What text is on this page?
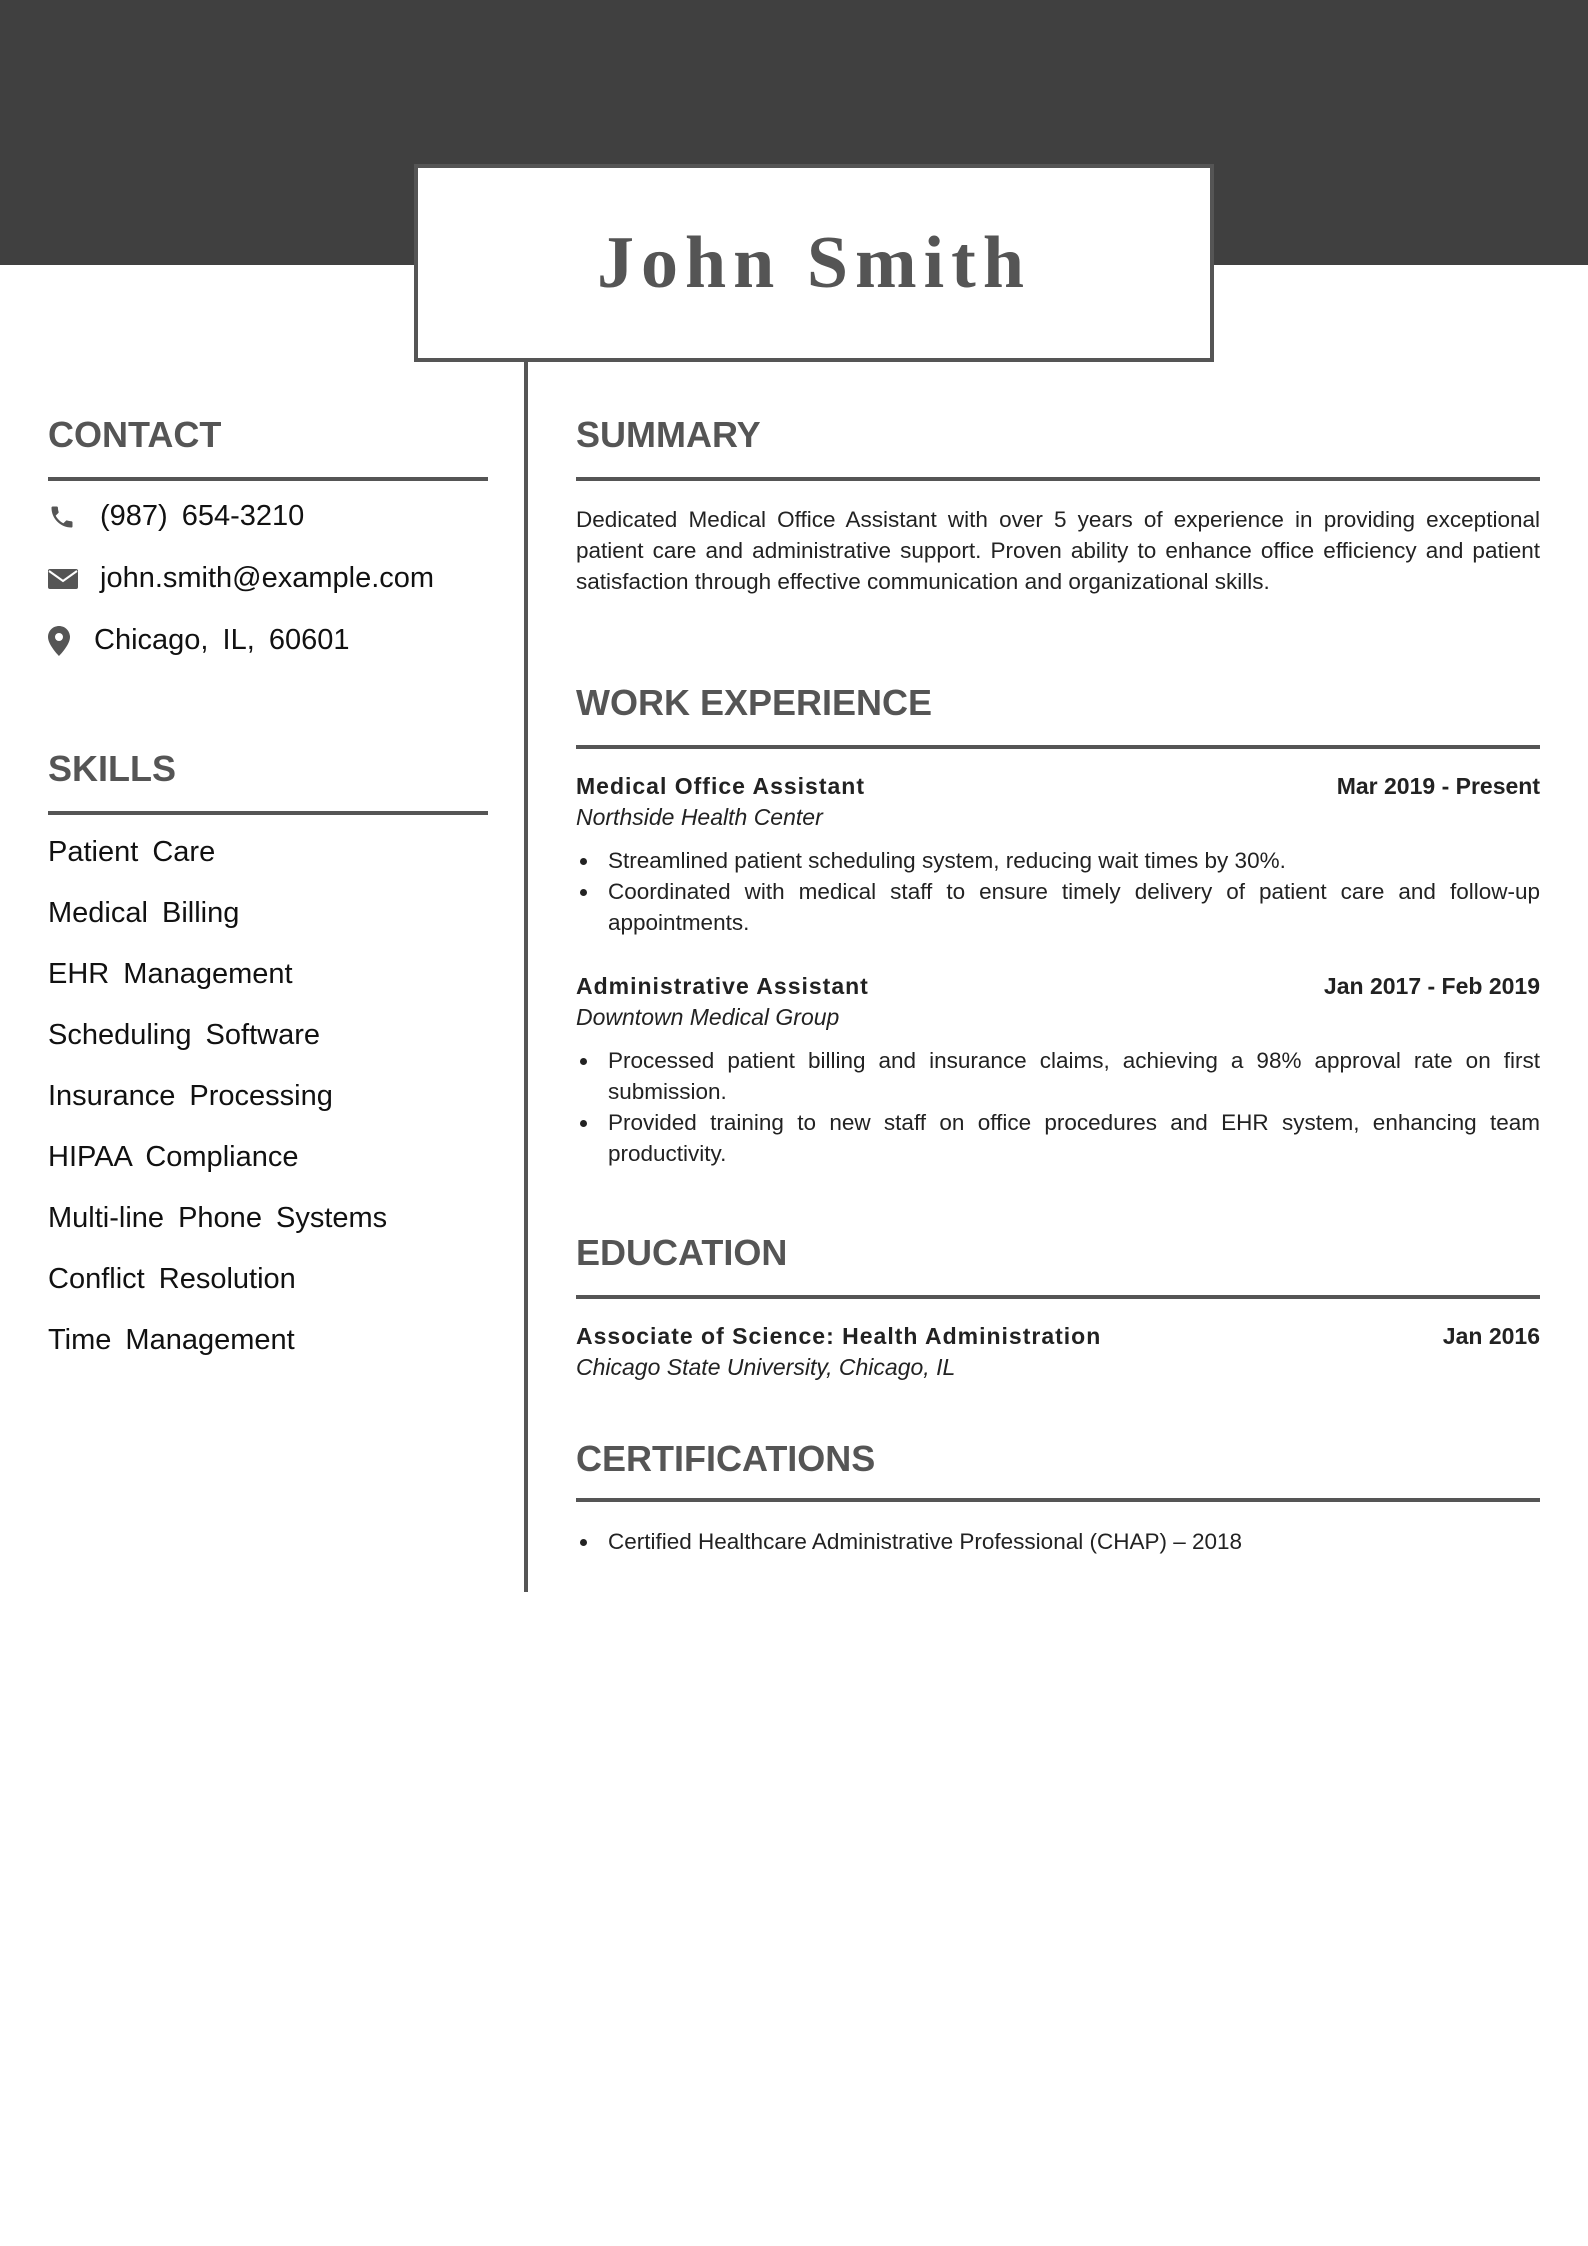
John Smith
CONTACT
(987) 654-3210
john.smith@example.com
Chicago, IL, 60601
SKILLS
Patient Care
Medical Billing
EHR Management
Scheduling Software
Insurance Processing
HIPAA Compliance
Multi-line Phone Systems
Conflict Resolution
Time Management
SUMMARY
Dedicated Medical Office Assistant with over 5 years of experience in providing exceptional patient care and administrative support. Proven ability to enhance office efficiency and patient satisfaction through effective communication and organizational skills.
WORK EXPERIENCE
Medical Office Assistant	Mar 2019 - Present
Northside Health Center
Streamlined patient scheduling system, reducing wait times by 30%.
Coordinated with medical staff to ensure timely delivery of patient care and follow-up appointments.
Administrative Assistant	Jan 2017 - Feb 2019
Downtown Medical Group
Processed patient billing and insurance claims, achieving a 98% approval rate on first submission.
Provided training to new staff on office procedures and EHR system, enhancing team productivity.
EDUCATION
Associate of Science: Health Administration	Jan 2016
Chicago State University, Chicago, IL
CERTIFICATIONS
Certified Healthcare Administrative Professional (CHAP) – 2018
